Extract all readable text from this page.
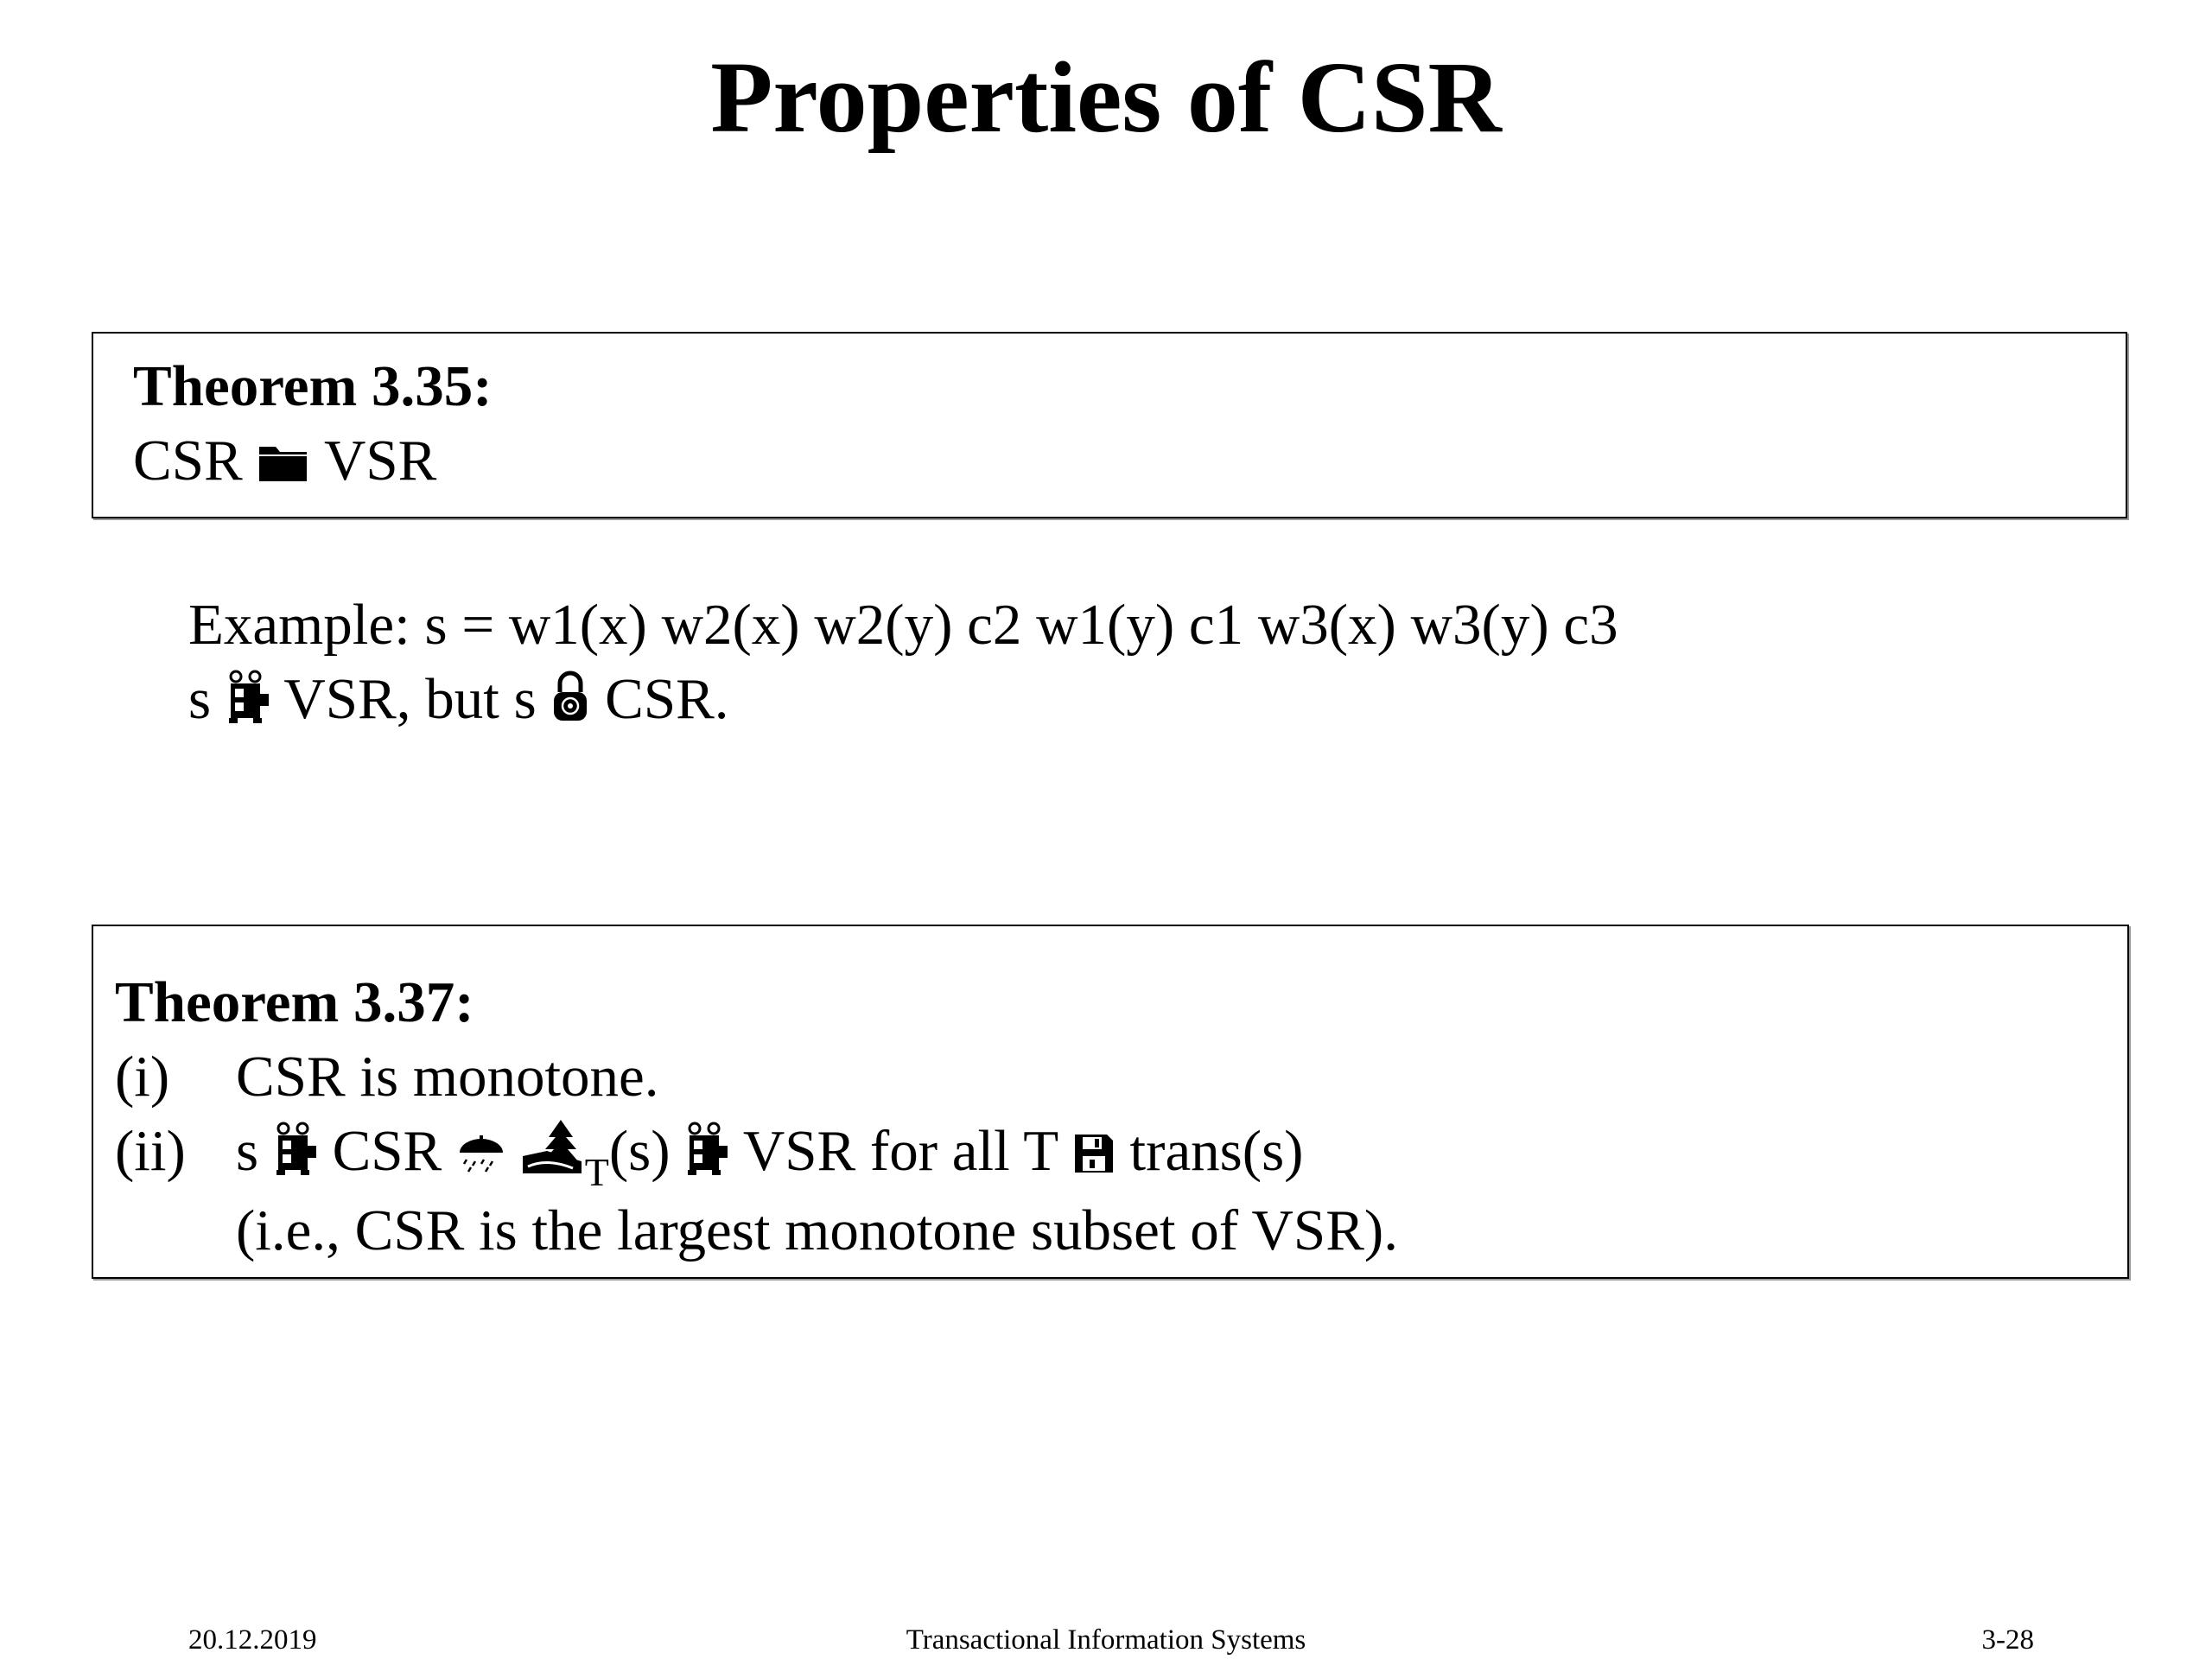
Properties of CSR
Theorem 3.35:
CSR VSR
Example: s = w1(x) w2(x) w2(y) c2 w1(y) c1 w3(x) w3(y) c3
s VSR, but s CSR.
Theorem 3.37:
(i) CSR is monotone.
(ii) s CSR	$_T$(s) VSR for all T trans(s)
(i.e., CSR is the largest monotone subset of VSR).
20.12.2019	Transactional Information Systems	3-28
